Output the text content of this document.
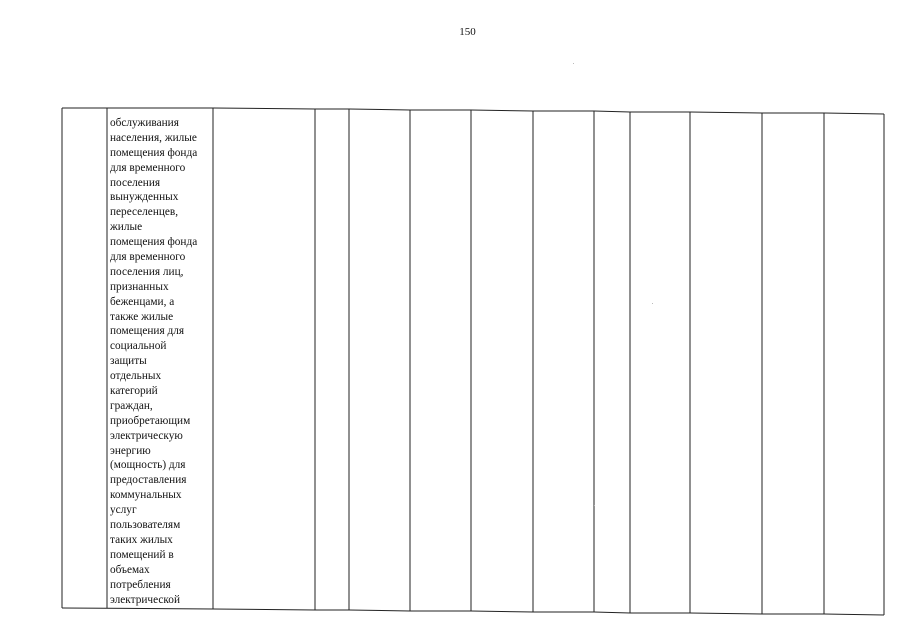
150
обслуживания
населения, жилые
помещения фонда
для временного
поселения
вынужденных
переселенцев,
жилые
помещения фонда
для временного
поселения лиц,
признанных
беженцами, а
также жилые
помещения для
социальной
защиты
отдельных
категорий
граждан,
приобретающим
электрическую
энергию
(мощность) для
предоставления
коммунальных
услуг
пользователям
таких жилых
помещений в
объемах
потребления
электрической
